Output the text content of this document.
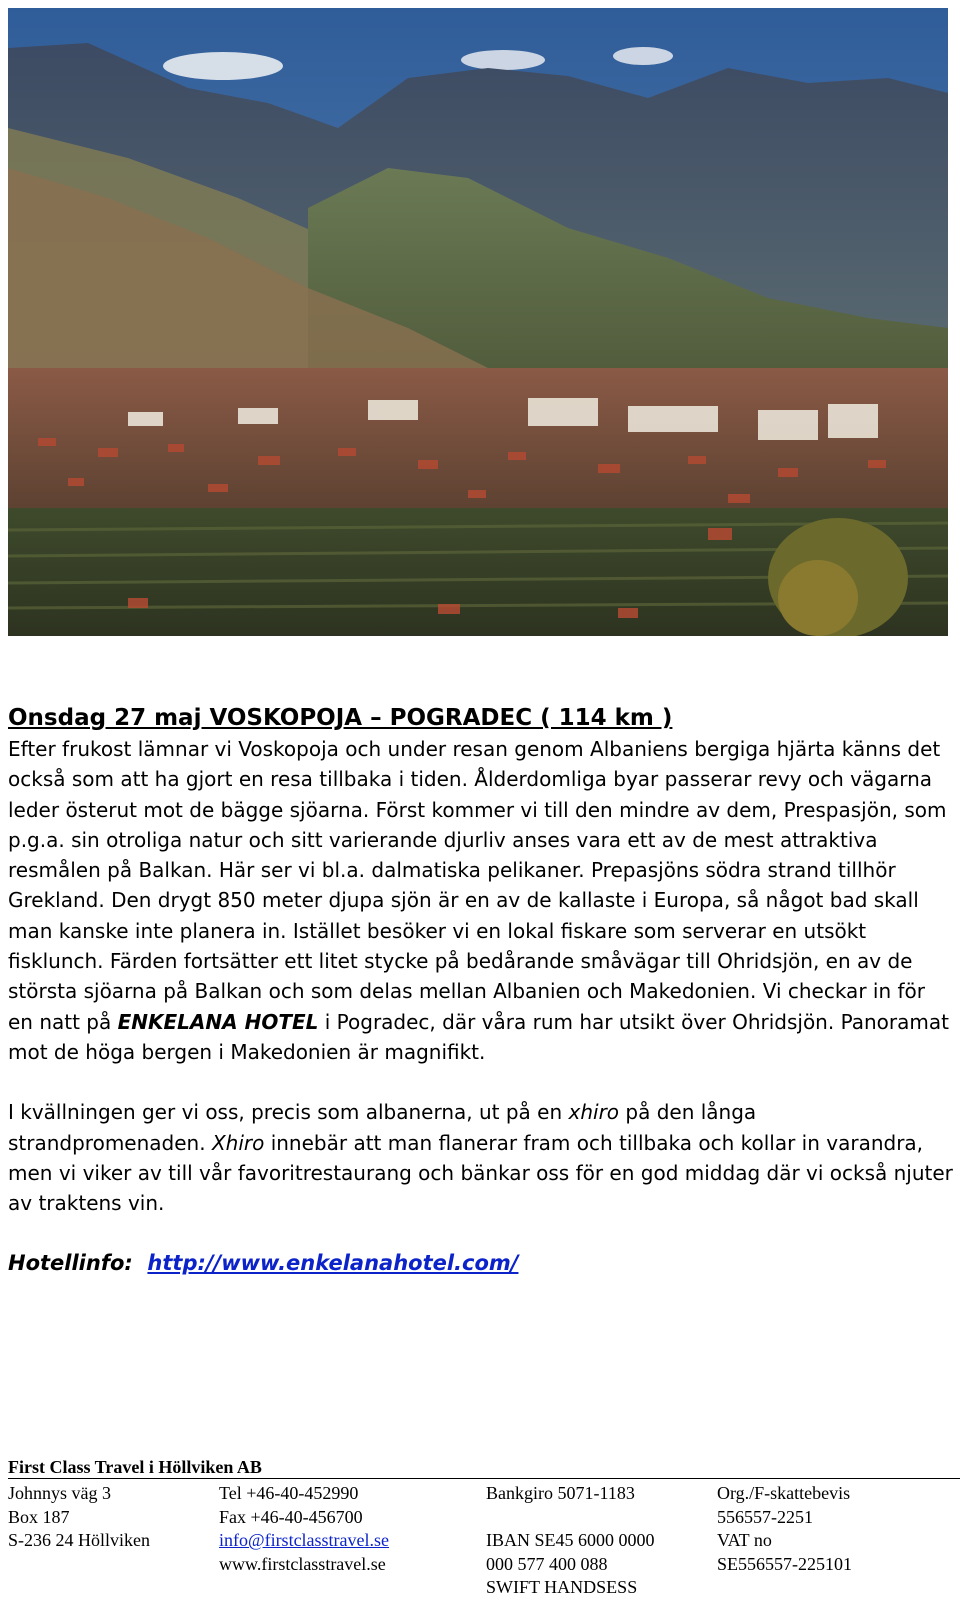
Onsdag 27 maj VOSKOPOJA – POGRADEC ( 114 km )

Efter frukost lämnar vi Voskopoja och under resan genom Albaniens bergiga hjärta känns det också som att ha gjort en resa tillbaka i tiden. Ålderdomliga byar passerar revy och vägarna leder österut mot de bägge sjöarna. Först kommer vi till den mindre av dem, Prespasjön, som p.g.a. sin otroliga natur och sitt varierande djurliv anses vara ett av de mest attraktiva resmålen på Balkan. Här ser vi bl.a. dalmatiska pelikaner. Prepasjöns södra strand tillhör Grekland. Den drygt 850 meter djupa sjön är en av de kallaste i Europa, så något bad skall man kanske inte planera in. Istället besöker vi en lokal fiskare som serverar en utsökt fisklunch. Färden fortsätter ett litet stycke på bedårande småvägar till Ohridsjön, en av de största sjöarna på Balkan och som delas mellan Albanien och Makedonien. Vi checkar in för en natt på ENKELANA HOTEL i Pogradec, där våra rum har utsikt över Ohridsjön. Panoramat mot de höga bergen i Makedonien är magnifikt.

I kvällningen ger vi oss, precis som albanerna, ut på en xhiro på den långa strandpromenaden. Xhiro innebär att man flanerar fram och tillbaka och kollar in varandra, men vi viker av till vår favoritrestaurang och bänkar oss för en god middag där vi också njuter av traktens vin.

Hotellinfo: http://www.enkelanahotel.com/

First Class Travel i Höllviken AB
Johnnys väg 3
Box 187
S-236 24 Höllviken
Tel +46-40-452990
Fax +46-40-456700
info@firstclasstravel.se
www.firstclasstravel.se
Bankgiro 5071-1183
IBAN SE45 6000 0000
000 577 400 088
SWIFT HANDSESS
Org./F-skattebevis
556557-2251
VAT no
SE556557-225101
